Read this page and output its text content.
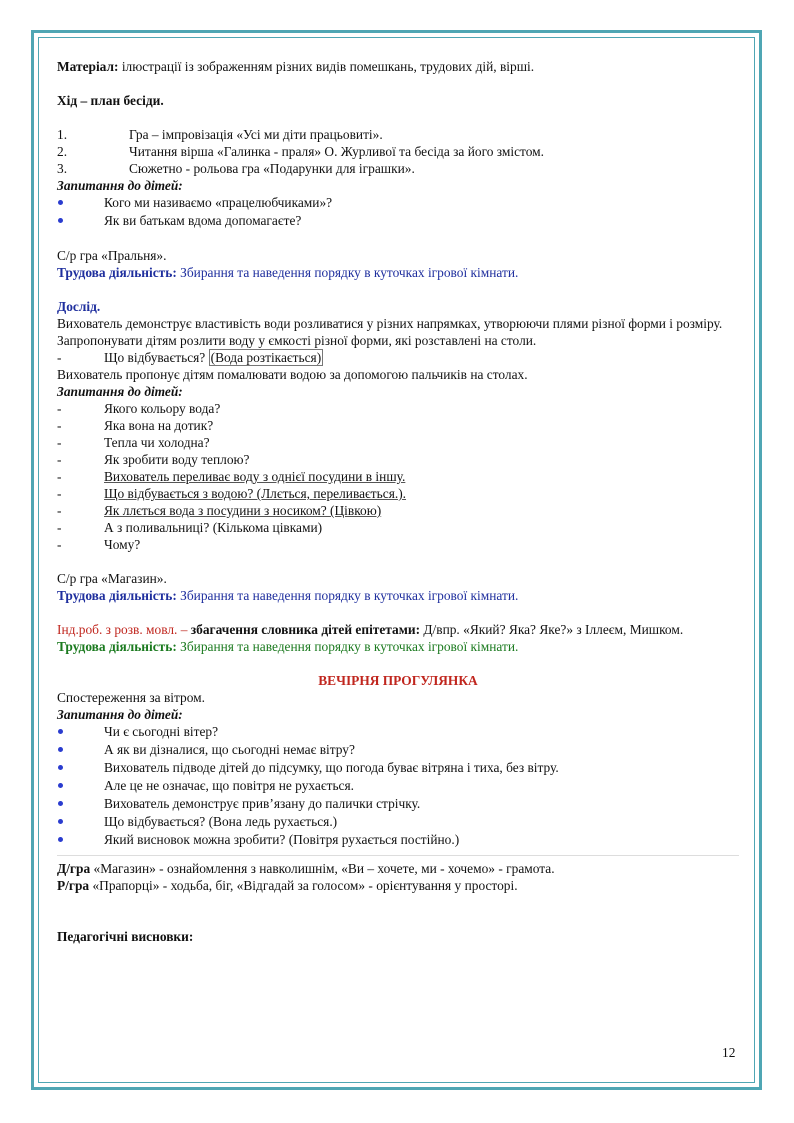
Матеріал: ілюстрації із зображенням різних видів помешкань, трудових дій, вірші.
Хід – план бесіди.
1.	Гра – імпровізація «Усі ми діти працьовиті».
2.	Читання вірша «Галинка - праля» О. Журливої та бесіда за його змістом.
3.	Сюжетно - рольова гра «Подарунки для іграшки».
Запитання до дітей:
Кого ми називаємо «працелюбчиками»?
Як ви батькам вдома допомагаєте?
С/р гра «Пральня».
Трудова діяльність: Збирання та наведення порядку в куточках ігрової кімнати.
Дослід.
Вихователь демонструє властивість води розливатися у різних напрямках, утворюючи плями різної форми і розміру.
Запропонувати дітям розлити воду у ємкості різної форми, які розставлені на столи.
-	Що відбувається? (Вода розтікається)
Вихователь пропонує дітям помалювати водою за допомогою пальчиків на столах.
Запитання до дітей:
-	Якого кольору вода?
-	Яка вона на дотик?
-	Тепла чи холодна?
-	Як зробити воду теплою?
-	Вихователь переливає воду з однієї посудини в іншу.
-	Що відбувається з водою? (Ллється, переливається.).
-	Як ллється вода з посудини з носиком? (Цівкою)
-	А з поливальниці? (Кількома цівками)
-	Чому?
С/р гра «Магазин».
Трудова діяльність: Збирання та наведення порядку в куточках ігрової кімнати.
Інд.роб. з розв. мовл. – збагачення словника дітей епітетами: Д/впр. «Який? Яка? Яке?» з Іллеєм, Мишком.
Трудова діяльність: Збирання та наведення порядку в куточках ігрової кімнати.
ВЕЧІРНЯ ПРОГУЛЯНКА
Спостереження за вітром.
Запитання до дітей:
Чи є сьогодні вітер?
А як ви дізналися, що сьогодні немає вітру?
Вихователь підводе дітей до підсумку, що погода буває вітряна і тиха, без вітру.
Але це не означає, що повітря не рухається.
Вихователь демонструє прив’язану до палички стрічку.
Що відбувається? (Вона ледь рухається.)
Який висновок можна зробити? (Повітря рухається постійно.)
Д/гра «Магазин» - ознайомлення з навколишнім, «Ви – хочете, ми - хочемо» - грамота.
Р/гра «Прапорці» - ходьба, біг, «Відгадай за голосом» - орієнтування у просторі.
Педагогічні висновки:
12
